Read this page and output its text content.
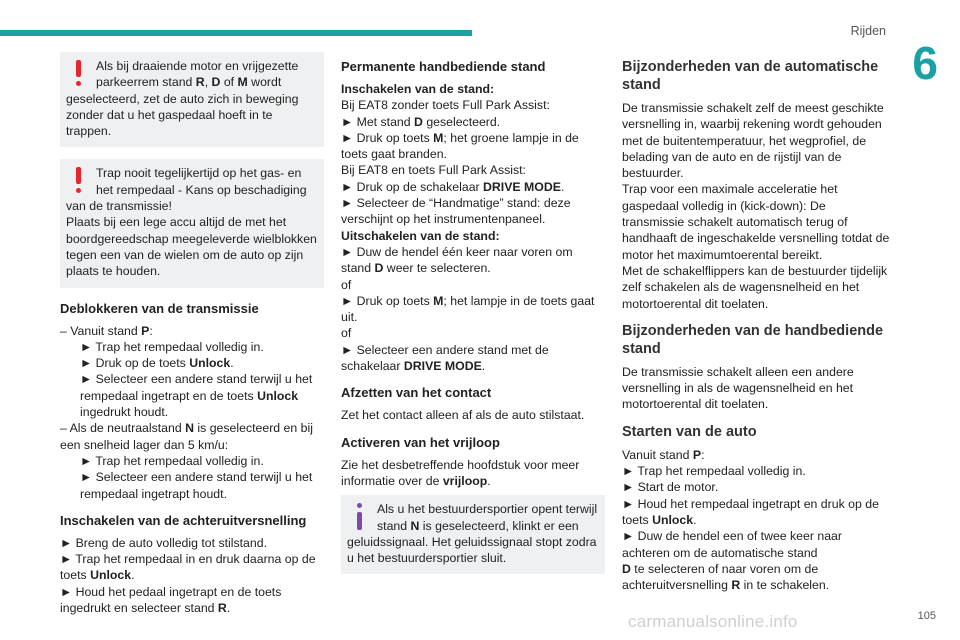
Rijden
6

Als bij draaiende motor en vrijgezette parkeerrem stand R, D of M wordt geselecteerd, zet de auto zich in beweging zonder dat u het gaspedaal hoeft in te trappen.

Trap nooit tegelijkertijd op het gas- en het rempedaal - Kans op beschadiging van de transmissie!
Plaats bij een lege accu altijd de met het boordgereedschap meegeleverde wielblokken tegen een van de wielen om de auto op zijn plaats te houden.

Deblokkeren van de transmissie
– Vanuit stand P:
► Trap het rempedaal volledig in.
► Druk op de toets Unlock.
► Selecteer een andere stand terwijl u het rempedaal ingetrapt en de toets Unlock ingedrukt houdt.
– Als de neutraalstand N is geselecteerd en bij een snelheid lager dan 5 km/u:
► Trap het rempedaal volledig in.
► Selecteer een andere stand terwijl u het rempedaal ingetrapt houdt.
Inschakelen van de achteruitversnelling
► Breng de auto volledig tot stilstand.
► Trap het rempedaal in en druk daarna op de toets Unlock.
► Houd het pedaal ingetrapt en de toets ingedrukt en selecteer stand R.
Permanente handbediende stand
Inschakelen van de stand:
Bij EAT8 zonder toets Full Park Assist:
► Met stand D geselecteerd.
► Druk op toets M; het groene lampje in de toets gaat branden.
Bij EAT8 en toets Full Park Assist:
► Druk op de schakelaar DRIVE MODE.
► Selecteer de “Handmatige” stand: deze verschijnt op het instrumentenpaneel.
Uitschakelen van de stand:
► Duw de hendel één keer naar voren om stand D weer te selecteren.
of
► Druk op toets M; het lampje in de toets gaat uit.
of
► Selecteer een andere stand met de schakelaar DRIVE MODE.
Afzetten van het contact

Zet het contact alleen af als de auto stilstaat.

Activeren van het vrijloop

Zie het desbetreffende hoofdstuk voor meer informatie over de vrijloop.

Als u het bestuurdersportier opent terwijl stand N is geselecteerd, klinkt er een geluidssignaal. Het geluidssignaal stopt zodra u het bestuurdersportier sluit.

Bijzonderheden van de automatische stand

De transmissie schakelt zelf de meest geschikte versnelling in, waarbij rekening wordt gehouden met de buitentemperatuur, het wegprofiel, de belading van de auto en de rijstijl van de bestuurder.
Trap voor een maximale acceleratie het gaspedaal volledig in (kick-down): De transmissie schakelt automatisch terug of handhaaft de ingeschakelde versnelling totdat de motor het maximumtoerental bereikt.
Met de schakelflippers kan de bestuurder tijdelijk zelf schakelen als de wagensnelheid en het motortoerental dit toelaten.

Bijzonderheden van de handbediende stand

De transmissie schakelt alleen een andere versnelling in als de wagensnelheid en het motortoerental dit toelaten.

Starten van de auto
Vanuit stand P:
► Trap het rempedaal volledig in.
► Start de motor.
► Houd het rempedaal ingetrapt en druk op de toets Unlock.
► Duw de hendel een of twee keer naar achteren om de automatische stand
D te selecteren of naar voren om de achteruitversnelling R in te schakelen.
carmanualsonline.info	105
